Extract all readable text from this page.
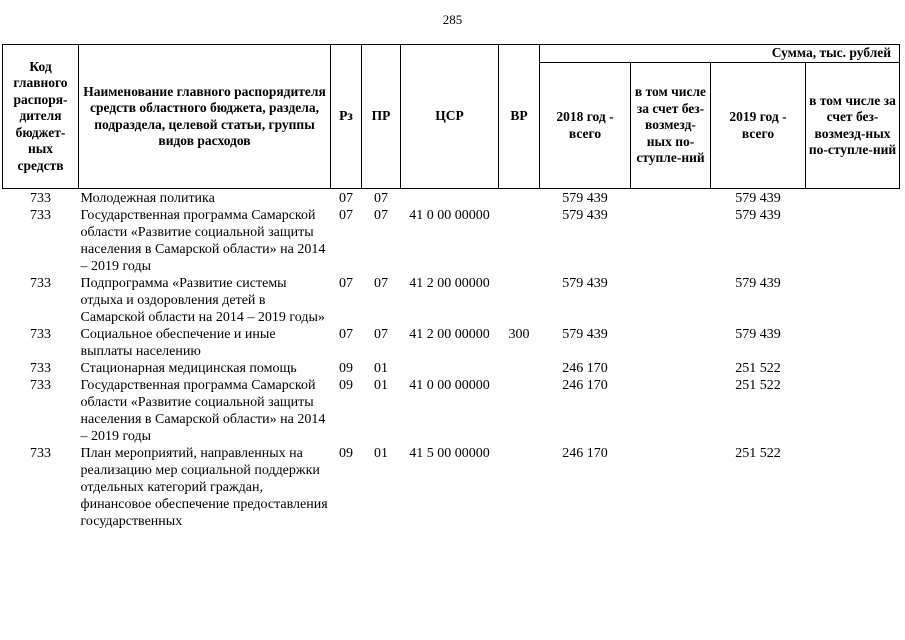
285
Код главного распоря-дителя бюджет-ных средств	Наименование главного распорядителя средств областного бюджета, раздела, подраздела, целевой статьи, группы видов расходов	Рз	ПР	ЦСР	ВР	Сумма, тыс. рублей			
						2018 год - всего	в том числе за счет без-возмезд-ных по-ступле-ний	2019 год - всего	в том числе за счет без-возмезд-ных по-ступле-ний
733	Молодежная политика	07	07			579 439		579 439	
733	Государственная программа Самарской области «Развитие социальной защиты населения в Самарской области» на 2014 – 2019 годы	07	07	41 0 00 00000		579 439		579 439	
733	Подпрограмма «Развитие системы отдыха и оздоровления детей в Самарской области на 2014 – 2019 годы»	07	07	41 2 00 00000		579 439		579 439	
733	Социальное обеспечение и иные выплаты населению	07	07	41 2 00 00000	300	579 439		579 439	
733	Стационарная медицинская помощь	09	01			246 170		251 522	
733	Государственная программа Самарской области «Развитие социальной защиты населения в Самарской области» на 2014 – 2019 годы	09	01	41 0 00 00000		246 170		251 522	
733	План мероприятий, направленных на реализацию мер социальной поддержки отдельных категорий граждан, финансовое обеспечение предоставления государственных	09	01	41 5 00 00000		246 170		251 522	
